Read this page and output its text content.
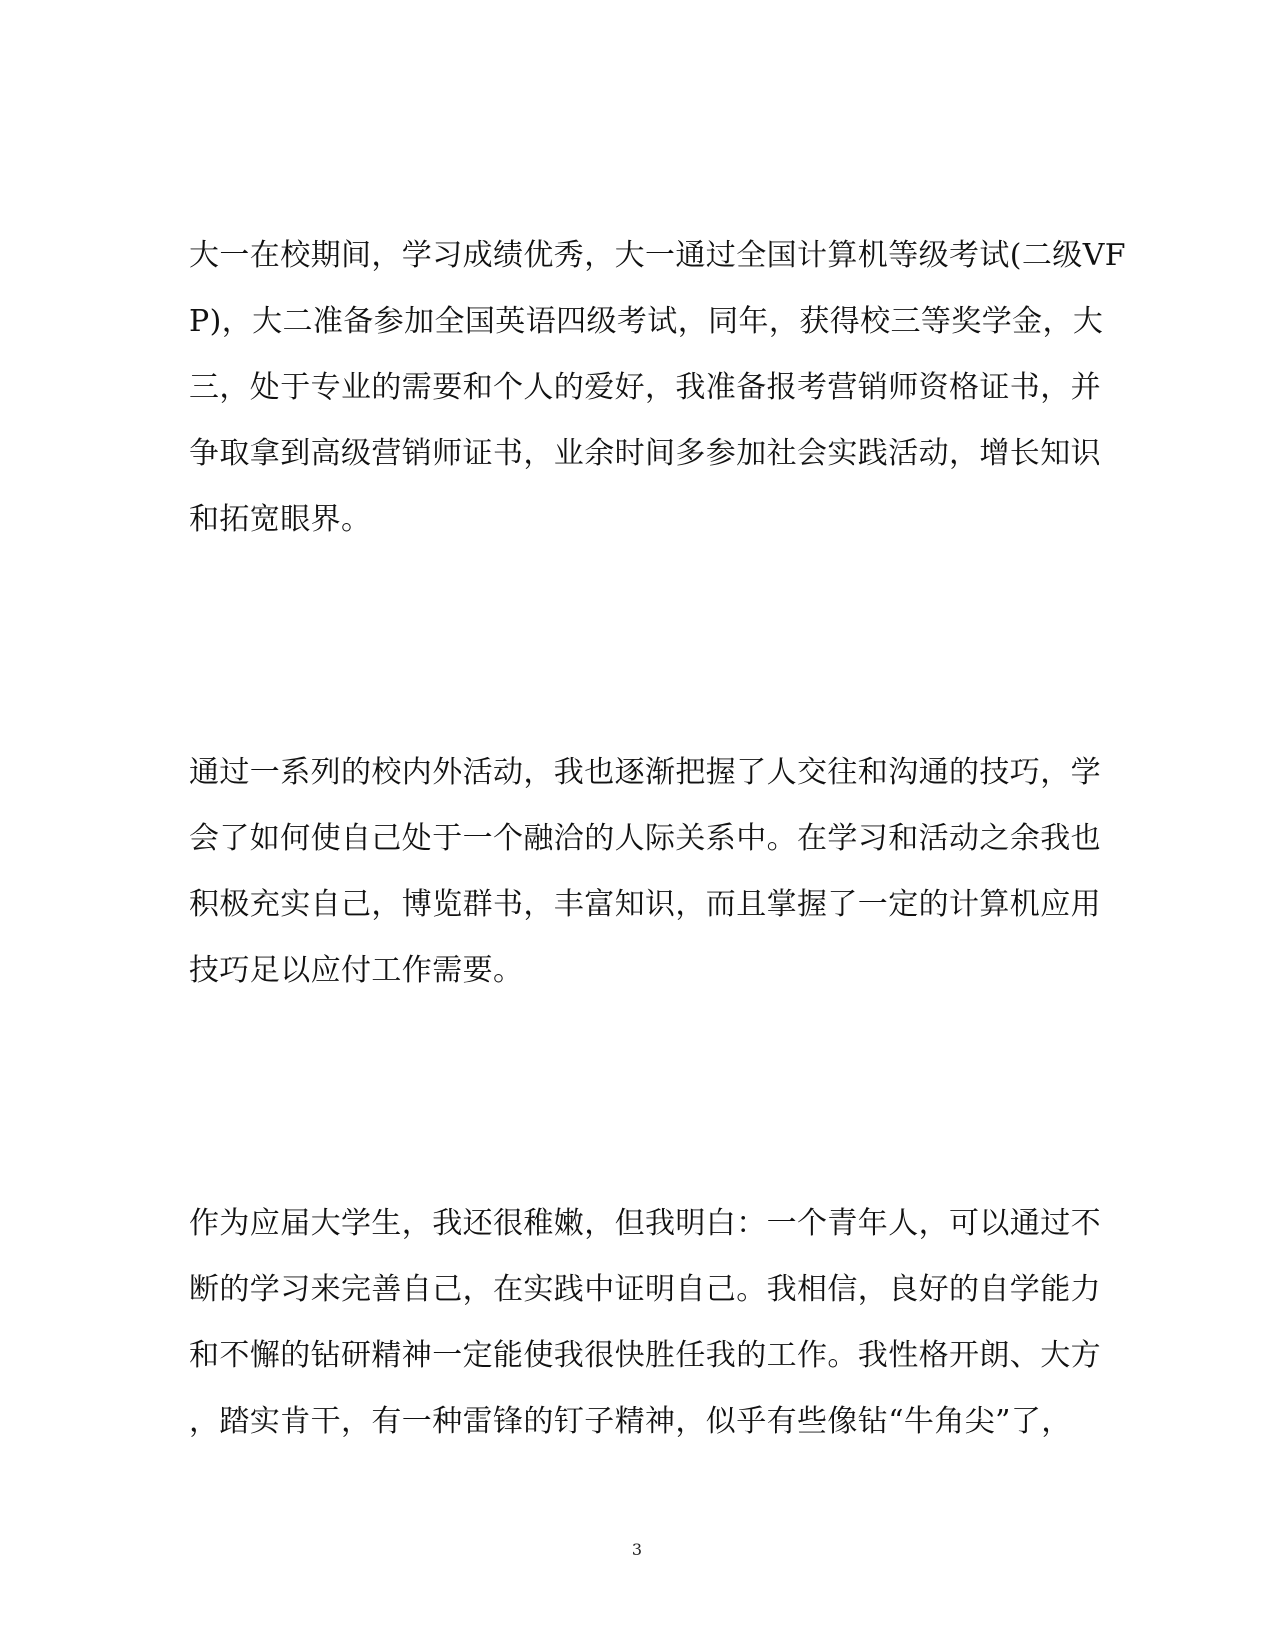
大一在校期间，学习成绩优秀，大一通过全国计算机等级考试(二级VF
P)，大二准备参加全国英语四级考试，同年，获得校三等奖学金，大
三，处于专业的需要和个人的爱好，我准备报考营销师资格证书，并
争取拿到高级营销师证书，业余时间多参加社会实践活动，增长知识
和拓宽眼界。
通过一系列的校内外活动，我也逐渐把握了人交往和沟通的技巧，学
会了如何使自己处于一个融洽的人际关系中。在学习和活动之余我也
积极充实自己，博览群书，丰富知识，而且掌握了一定的计算机应用
技巧足以应付工作需要。
作为应届大学生，我还很稚嫩，但我明白：一个青年人，可以通过不
断的学习来完善自己，在实践中证明自己。我相信，良好的自学能力
和不懈的钻研精神一定能使我很快胜任我的工作。我性格开朗、大方
，踏实肯干，有一种雷锋的钉子精神，似乎有些像钻“牛角尖”了，
3
